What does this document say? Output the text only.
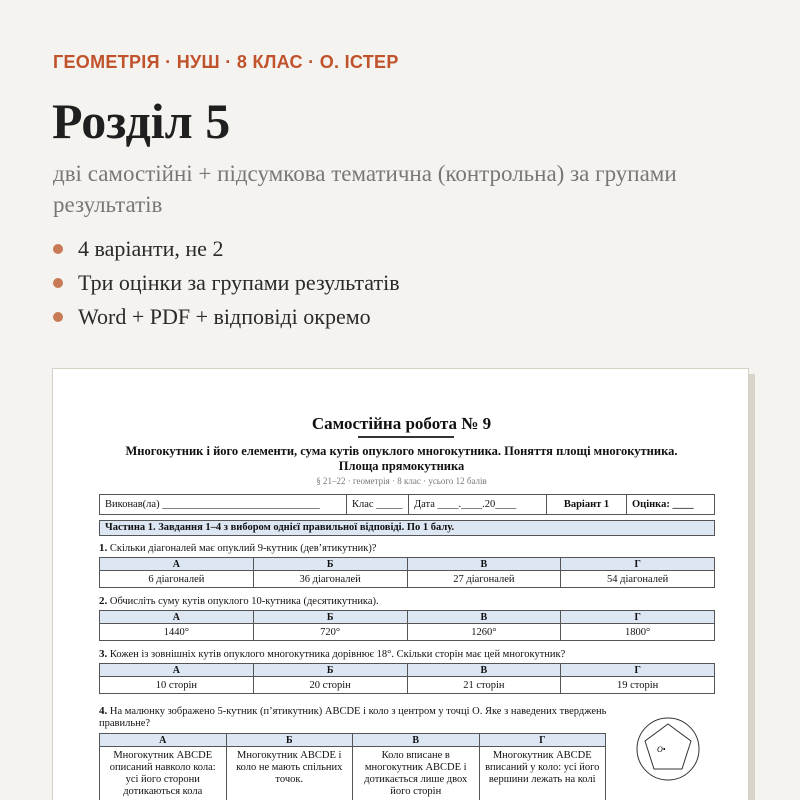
ГЕОМЕТРІЯ · НУШ · 8 КЛАС · О. ІСТЕР
Розділ 5

дві самостійні + підсумкова тематична (контрольна) за групами результатів

4 варіанти, не 2
Три оцінки за групами результатів
Word + PDF + відповіді окремо
Самостійна робота № 9
Многокутник і його елементи, сума кутів опуклого многокутника. Поняття площі многокутника.
Площа прямокутника
§ 21–22 · геометрія · 8 клас · усього 12 балів
Виконав(ла) ______________________________	Клас _____	Дата ____.____.20____	Варіант 1	Оцінка: ____
Частина 1. Завдання 1–4 з вибором однієї правильної відповіді. По 1 балу.
1. Скільки діагоналей має опуклий 9-кутник (дев’ятикутник)?
А	Б	В	Г
6 діагоналей	36 діагоналей	27 діагоналей	54 діагоналей
2. Обчисліть суму кутів опуклого 10-кутника (десятикутника).
А	Б	В	Г
1440°	720°	1260°	1800°
3. Кожен із зовнішніх кутів опуклого многокутника дорівнює 18°. Скільки сторін має цей многокутник?
А	Б	В	Г
10 сторін	20 сторін	21 сторін	19 сторін
4. На малюнку зображено 5-кутник (п’ятикутник) ABCDE і коло з центром у точці О. Яке з наведених тверджень правильне?
А	Б	В	Г
Многокутник ABCDE описаний навколо кола: усі його сторони дотикаються кола	Многокутник ABCDE і коло не мають спільних точок.	Коло вписане в многокутник ABCDE і дотикається лише двох його сторін	Многокутник ABCDE вписаний у коло: усі його вершини лежать на колі
O•
